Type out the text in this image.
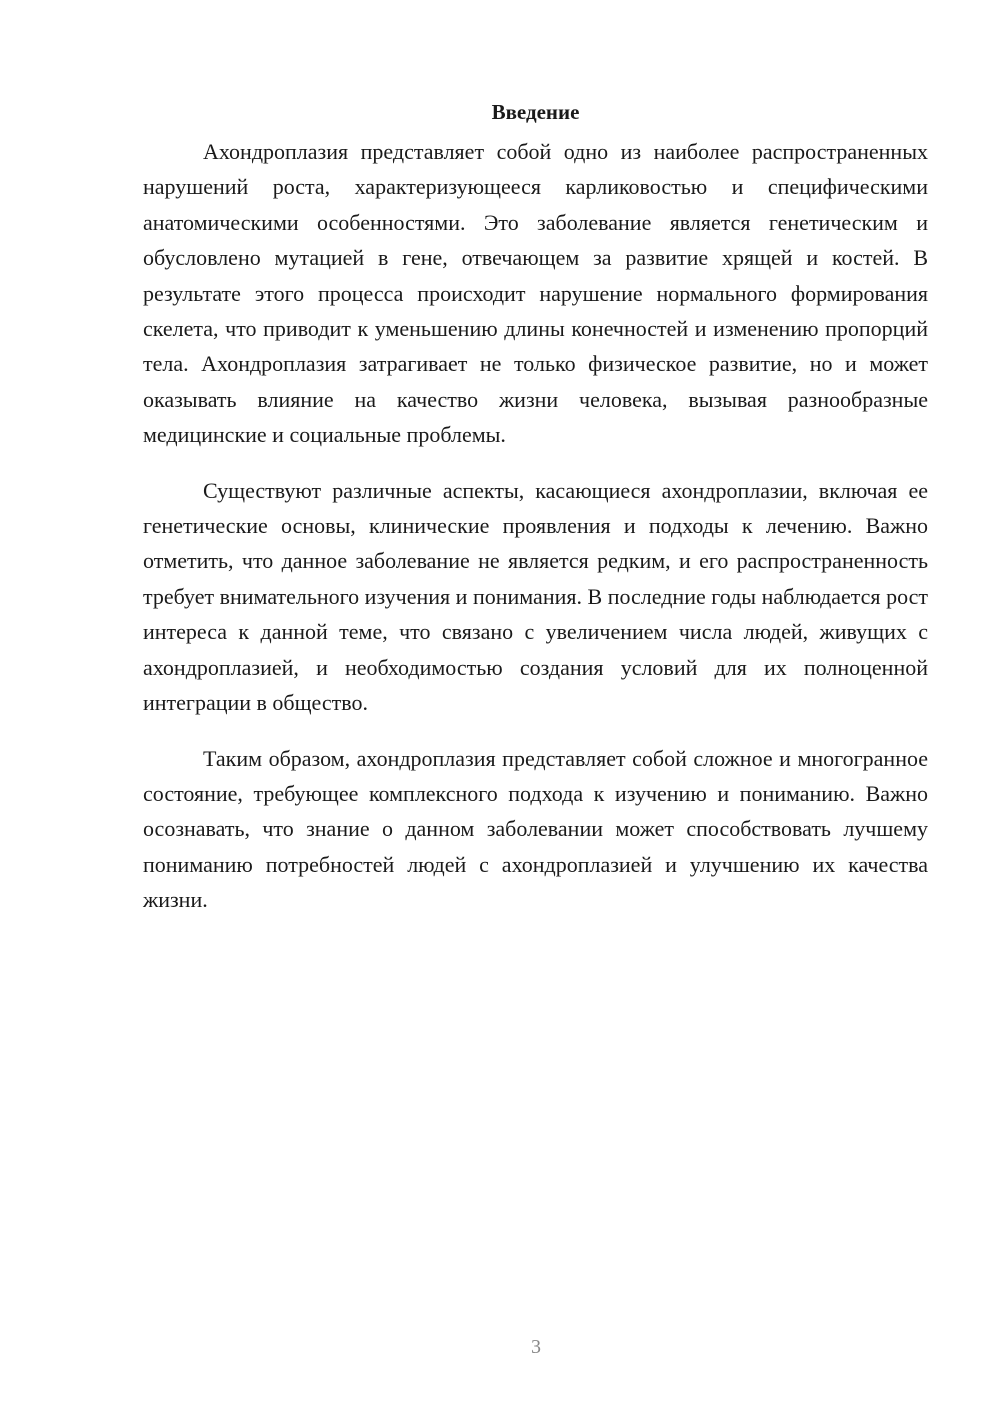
Введение

Ахондроплазия представляет собой одно из наиболее распространенных нарушений роста, характеризующееся карликовостью и специфическими анатомическими особенностями. Это заболевание является генетическим и обусловлено мутацией в гене, отвечающем за развитие хрящей и костей. В результате этого процесса происходит нарушение нормального формирования скелета, что приводит к уменьшению длины конечностей и изменению пропорций тела. Ахондроплазия затрагивает не только физическое развитие, но и может оказывать влияние на качество жизни человека, вызывая разнообразные медицинские и социальные проблемы.

Существуют различные аспекты, касающиеся ахондроплазии, включая ее генетические основы, клинические проявления и подходы к лечению. Важно отметить, что данное заболевание не является редким, и его распространенность требует внимательного изучения и понимания. В последние годы наблюдается рост интереса к данной теме, что связано с увеличением числа людей, живущих с ахондроплазией, и необходимостью создания условий для их полноценной интеграции в общество.

Таким образом, ахондроплазия представляет собой сложное и многогранное состояние, требующее комплексного подхода к изучению и пониманию. Важно осознавать, что знание о данном заболевании может способствовать лучшему пониманию потребностей людей с ахондроплазией и улучшению их качества жизни.

3
